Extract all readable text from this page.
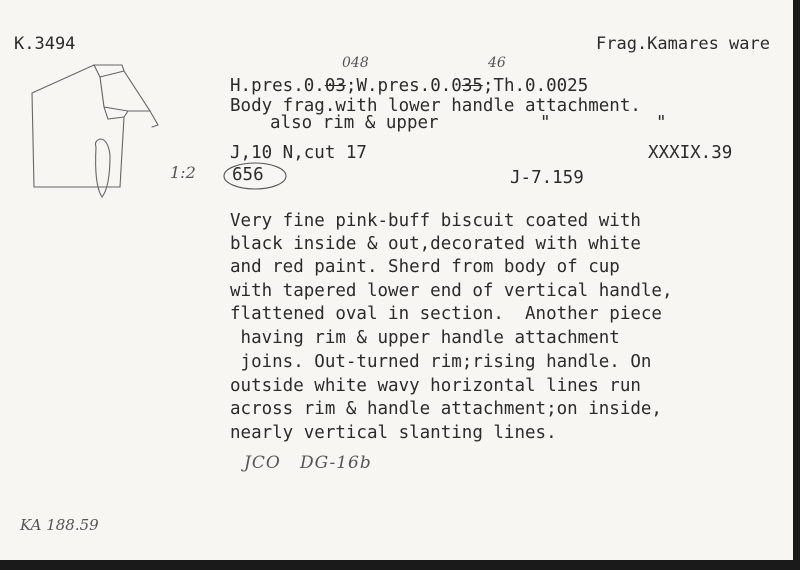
K.3494	Frag.Kamares ware
048	46
H.pres.0.03;W.pres.0.035;Th.0.0025
Body frag.with lower handle attachment.
also rim & upper	"	"
J,10 N,cut 17	XXXIX.39
1:2 656	J-7.159
Very fine pink-buff biscuit coated with
black inside & out,decorated with white
and red paint. Sherd from body of cup
with tapered lower end of vertical handle,
flattened oval in section.  Another piece
having rim & upper handle attachment
joins. Out-turned rim;rising handle. On
outside white wavy horizontal lines run
across rim & handle attachment;on inside,
nearly vertical slanting lines.
JCO   DG-16b
KA 188.59
